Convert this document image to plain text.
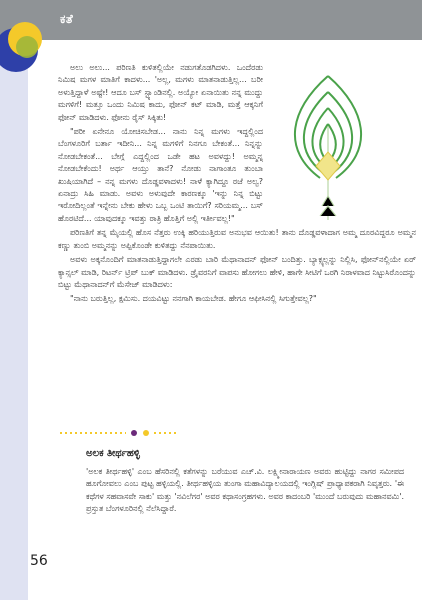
ಕತೆ

ಅಲು ಅಲು... ಪರಿಣತಿ ಕುಳಿತಲ್ಲಿಯೇ ನಡುಗತೊಡಗಿದಳು. ಒಂದೆರಡು ನಿಮಿಷ ಮಗಳ ಮಾತಿಗೆ ಕಾದಳು... 'ಅಲ್ಲ, ಮಗಳು ಮಾತನಾಡುತ್ತಿಲ್ಲ... ಬರೀ ಅಳುತ್ತಿದ್ದಾಳೆ ಅಷ್ಟೇ! ಆದೂ ಬಸ್ ಸ್ಟ್ಯಾಂಡಿನಲ್ಲಿ. ಅಯ್ಯೋ ಏನಾಯಿತು ನನ್ನ ಮುದ್ದು ಮಗಳಿಗೆ! ಮತ್ತೂ ಒಂದು ನಿಮಿಷ ಕಾದು, ಫೋನ್ ಕಟ್ ಮಾಡಿ, ಮತ್ತೆ ಆಕ್ಕನಿಗೆ ಫೋನ್ ಮಾಡಿದಳು. ಫೋನು ರೈಸ್ ಸಿಕ್ಕಿತು!

"ಪರೀ ಏನೇನೂ ಯೋಚಿಸಬೇಡ... ನಾನು ನಿನ್ನ ಮಗಳು ಇದ್ದಲ್ಲಿಂದ ಬೆಂಗಳೂರಿಗೆ ಬರ್ತಾ ಇದೀನಿ... ನಿನ್ನ ಮಗಳಿಗೆ ನಿನಗೂ ಬೇಕಂತೆ... ನಿನ್ನನ್ನು ನೋಡಬೇಕಂತೆ... ಬೇಗ್ಗೆ ಎದ್ದಲ್ಲಿಂದ ಒಡೇ ಹಟ ಅವಳದ್ದು! ಅಮ್ಮನ್ನ ನೋಡಬೇಕೆಂದು! ಅರ್ಥ ಆಯ್ತು ತಾನೆ? ನೋಡು ನಾಗಾಂತೂ ತುಂಬಾ ಖುಷಿಯಾಗಿದೆ – ನನ್ನ ಮಗಳು ದೊಡ್ಡವಳಾದಳು! ನಾಳೆ ಕ್ಯಾಗಿದ್ದೂ ರಜೆ ಅಲ್ವ? ಏನಾದ್ರು ಸಿಹಿ ಮಾಡು. ಅವಳು ಅಳುವುದೇ ಕಾರಣಕ್ಕೂ 'ಇನ್ನು ನಿನ್ನ ಬಿಟ್ಟು ಇರೋದಿಲ್ಲಂತೆ ಇನ್ನೇನು ಬೇಕು ಹೇಳು ಒಬ್ಬ ಒಂಟಿ ತಾಯಿಗೆ? ಸರಿಯಮ್ಮ... ಬಸ್ ಹೊರಟಿದೆ... ಯಾವುದಕ್ಕೂ ಇವತ್ತು ರಾತ್ರಿ ಹೊತ್ತಿಗೆ ಅಲ್ಲಿ ಇರ್ತೀವಲ್ಲ!"

ಪರಿಣತಿಗೆ ತನ್ನ ಮೈಯಲ್ಲಿ ಹೊಸ ನೆತ್ತರು ಉಕ್ಕಿ ಹರಿಯುತ್ತಿರುವ ಅನುಭವ ಆಯಿತು! ತಾನು ದೊಡ್ಡವಳಾದಾಗ ಅಮ್ಮ ದೂರವಿದ್ದರೂ ಅಮ್ಮನ ಕಣ್ಣು ತುಂಬಿ ಅಮ್ಮನನ್ನು ಅಪ್ಪಿಕೊಂಡೇ ಕುಳಿತದ್ದು ನೆನಪಾಯಿತು.

ಅವಳು ಅಕ್ಕನೊಂದಿಗೆ ಮಾತನಾಡುತ್ತಿದ್ದಾಗಲೇ ಎರಡು ಬಾರಿ ಮೆಥಾನಾದನ್ ಫೋನ್ ಬಂದಿತ್ತು. ಬ್ಯಾಕ್ಸ್ಯಲ್ಲನ್ನು ನಿಲ್ಲಿಸಿ, ಫೋನ್‌ನಲ್ಲಿಯೇ ಏರ್ ಕ್ಯಾನ್ಸಲ್ ಮಾಡಿ, ರಿಟರ್ನ್ ಟ್ರಿಪ್ ಬುಕ್ ಮಾಡಿದಳು. ಡ್ರೈವರನಿಗೆ ವಾಪಸು ಹೋಗಲು ಹೇಳಿ, ಹಾಗೇ ಸೀಟಿಗೆ ಒರಗಿ ನಿರಾಳವಾದ ನಿಟ್ಟುಸಿರೊಂದನ್ನು ಬಿಟ್ಟು ಮೆಥಾನಾದನ್‌ಗೆ ಮೆಸೇಜ್ ಮಾಡಿದಳು:

"ನಾನು ಬರುತ್ತಿಲ್ಲ, ಕ್ಷಮಿಸು. ದಯವಿಟ್ಟು ನನಗಾಗಿ ಕಾಯಬೇಡ. ಹೇಗೂ ಆಫೀಸಿನಲ್ಲಿ ಸಿಗುತ್ತೇವಲ್ಲ?"

ಅಲಕ ತೀರ್ಥಹಳ್ಳಿ
'ಅಲಕ ತೀರ್ಥಹಳ್ಳಿ' ಎಂಬ ಹೆಸರಿನಲ್ಲಿ ಕತೆಗಳನ್ನು ಬರೆಯುವ ಎಚ್.ವಿ. ಲಕ್ಷ್ಮೀನಾರಾಯಣ ಅವರು ಹುಟ್ಟಿದ್ದು ನಾಗರ ಸಮೀಪದ ಹೂಗೋವಲು ಎಂಬ ಪುಟ್ಟ ಹಳ್ಳಿಯಲ್ಲಿ. ತೀರ್ಥಹಳ್ಳಿಯ ತುಂಗಾ ಮಹಾವಿದ್ಯಾಲಯದಲ್ಲಿ ಇಂಗ್ಲಿಷ್ ಪ್ರಾಧ್ಯಾಪಕರಾಗಿ ನಿವೃತ್ತರು. 'ಈ ಕಥೆಗಳ ಸಹವಾಸವೇ ಸಾಕು' ಮತ್ತು 'ನವಿಲೆಗರ' ಅವರ ಕಥಾಸಂಗ್ರಹಗಳು. ಅವರ ಕಾದಂಬರಿ 'ಮುಂದೆ ಬರುವುದು ಮಹಾನವಮಿ'. ಪ್ರಸ್ತುತ ಬೆಂಗಳೂರಿನಲ್ಲಿ ನೆಲೆಸಿದ್ದಾರೆ.
56
